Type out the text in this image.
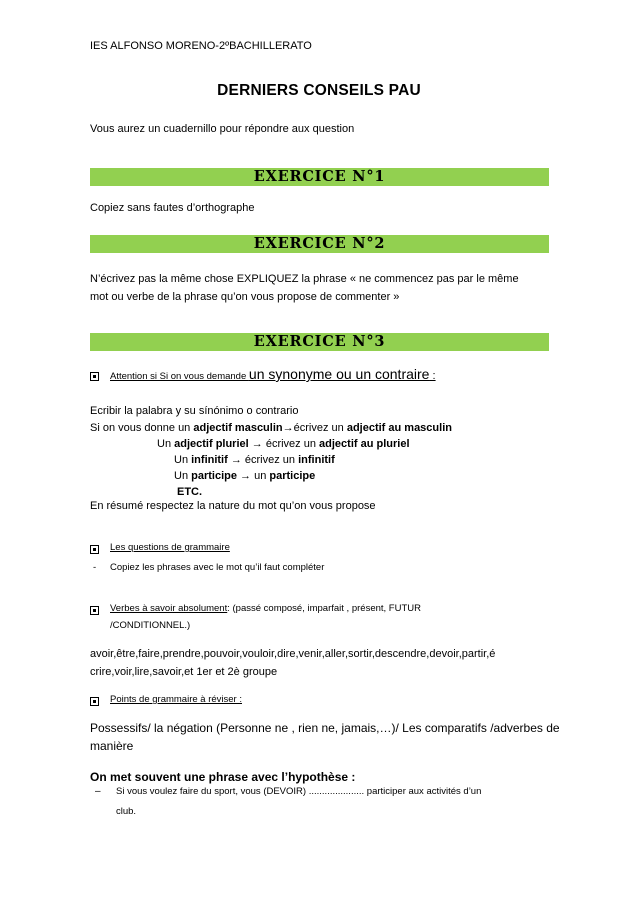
IES ALFONSO MORENO-2ºBACHILLERATO
DERNIERS CONSEILS PAU
Vous aurez un cuadernillo pour répondre aux question
EXERCICE N°1
Copiez sans fautes d’orthographe
EXERCICE N°2
N’écrivez pas la même chose EXPLIQUEZ la phrase « ne commencez pas par le même
mot ou verbe de la phrase qu’on vous propose de commenter »
EXERCICE N°3
Attention si Si on vous demande un synonyme ou un contraire :
Ecribir la palabra y su sínónimo o contrario
Si on vous donne un adjectif masculin→écrivez un adjectif au masculin
Un adjectif pluriel → écrivez un adjectif au pluriel
Un infinitif → écrivez un infinitif
Un participe → un participe
ETC.
En résumé respectez la nature du mot qu’on vous propose
Les questions de grammaire
- Copiez les phrases avec le mot qu’il faut compléter
Verbes à savoir absolument: (passé composé, imparfait , présent, FUTUR
/CONDITIONNEL.)
avoir,être,faire,prendre,pouvoir,vouloir,dire,venir,aller,sortir,descendre,devoir,partir,é
crire,voir,lire,savoir,et 1er et 2è groupe
Points de grammaire à réviser :
Possessifs/ la négation (Personne ne , rien ne, jamais,…)/ Les comparatifs /adverbes de
manière
On met souvent une phrase avec l’hypothèse :
– Si vous voulez faire du sport, vous (DEVOIR) ..................... participer aux activités d’un
club.
